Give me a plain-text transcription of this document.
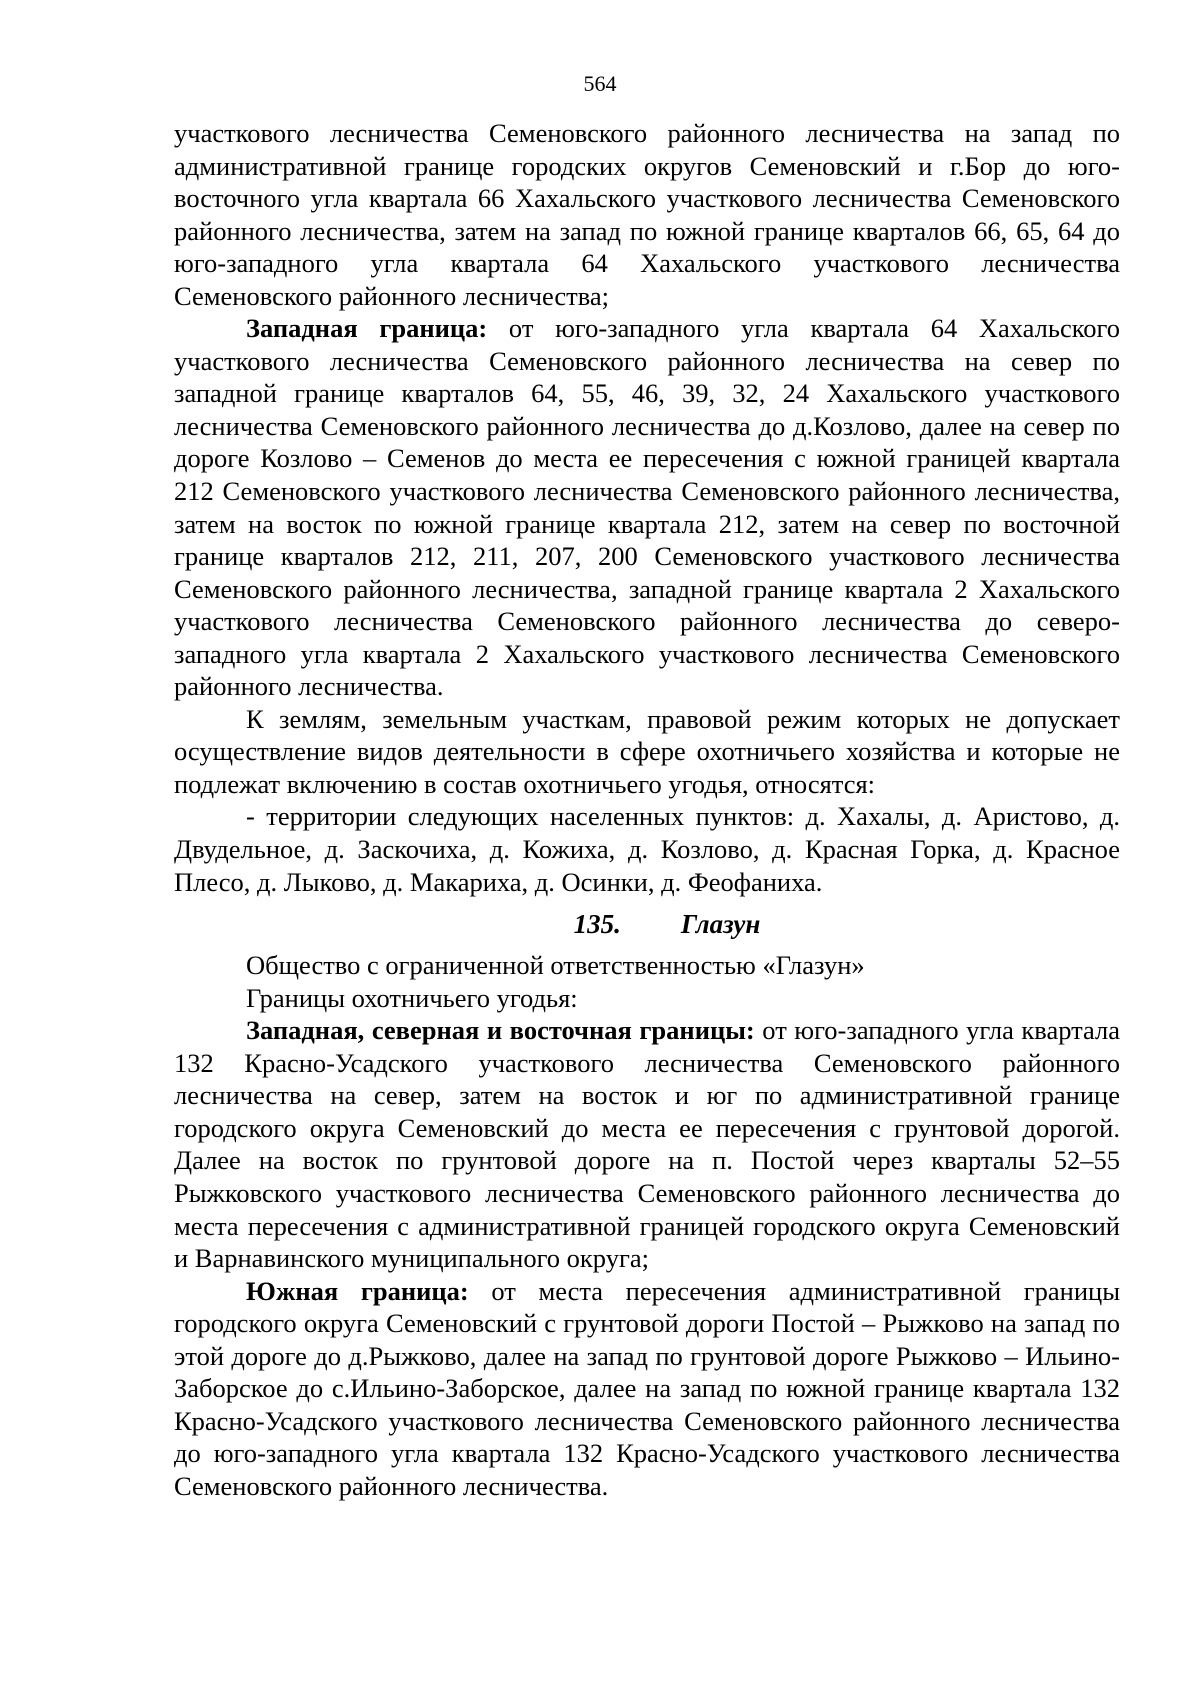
564

участкового лесничества Семеновского районного лесничества на запад по административной границе городских округов Семеновский и г.Бор до юго-восточного угла квартала 66 Хахальского участкового лесничества Семеновского районного лесничества, затем на запад по южной границе кварталов 66, 65, 64 до юго-западного угла квартала 64 Хахальского участкового лесничества Семеновского районного лесничества;

Западная граница: от юго-западного угла квартала 64 Хахальского участкового лесничества Семеновского районного лесничества на север по западной границе кварталов 64, 55, 46, 39, 32, 24 Хахальского участкового лесничества Семеновского районного лесничества до д.Козлово, далее на север по дороге Козлово – Семенов до места ее пересечения с южной границей квартала 212 Семеновского участкового лесничества Семеновского районного лесничества, затем на восток по южной границе квартала 212, затем на север по восточной границе кварталов 212, 211, 207, 200 Семеновского участкового лесничества Семеновского районного лесничества, западной границе квартала 2 Хахальского участкового лесничества Семеновского районного лесничества до северо-западного угла квартала 2 Хахальского участкового лесничества Семеновского районного лесничества.

К землям, земельным участкам, правовой режим которых не допускает осуществление видов деятельности в сфере охотничьего хозяйства и которые не подлежат включению в состав охотничьего угодья, относятся:

- территории следующих населенных пунктов: д. Хахалы, д. Аристово, д. Двудельное, д. Заскочиха, д. Кожиха, д. Козлово, д. Красная Горка, д. Красное Плесо, д. Лыково, д. Макариха, д. Осинки, д. Феофаниха.

135. Глазун

Общество с ограниченной ответственностью «Глазун»

Границы охотничьего угодья:

Западная, северная и восточная границы: от юго-западного угла квартала 132 Красно-Усадского участкового лесничества Семеновского районного лесничества на север, затем на восток и юг по административной границе городского округа Семеновский до места ее пересечения с грунтовой дорогой. Далее на восток по грунтовой дороге на п. Постой через кварталы 52–55 Рыжковского участкового лесничества Семеновского районного лесничества до места пересечения с административной границей городского округа Семеновский и Варнавинского муниципального округа;

Южная граница: от места пересечения административной границы городского округа Семеновский с грунтовой дороги Постой – Рыжково на запад по этой дороге до д.Рыжково, далее на запад по грунтовой дороге Рыжково – Ильино-Заборское до с.Ильино-Заборское, далее на запад по южной границе квартала 132 Красно-Усадского участкового лесничества Семеновского районного лесничества до юго-западного угла квартала 132 Красно-Усадского участкового лесничества Семеновского районного лесничества.
